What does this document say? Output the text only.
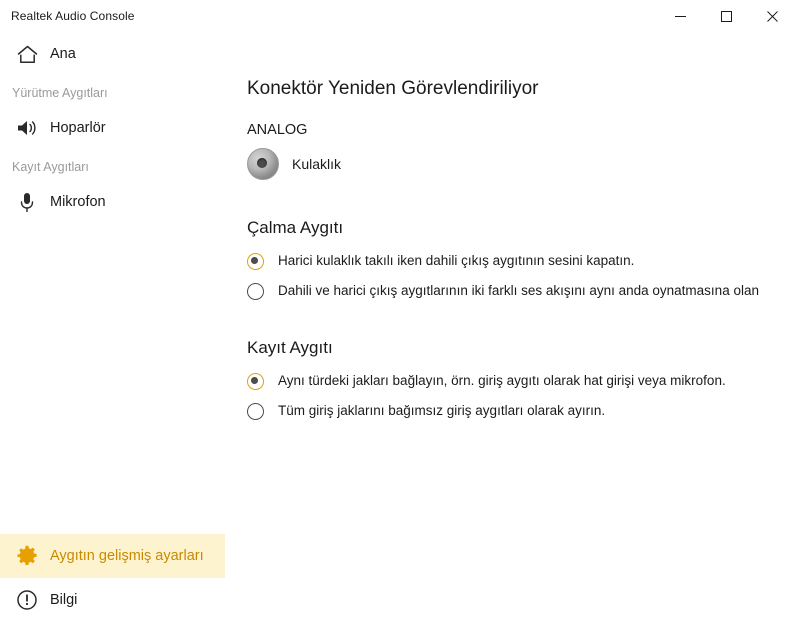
Realtek Audio Console
Ana
Yürütme Aygıtları
Hoparlör
Kayıt Aygıtları
Mikrofon
Aygıtın gelişmiş ayarları
Bilgi
Konektör Yeniden Görevlendiriliyor
ANALOG
Kulaklık
Çalma Aygıtı
Harici kulaklık takılı iken dahili çıkış aygıtının sesini kapatın.
Dahili ve harici çıkış aygıtlarının iki farklı ses akışını aynı anda oynatmasına olan
Kayıt Aygıtı
Aynı türdeki jakları bağlayın, örn. giriş aygıtı olarak hat girişi veya mikrofon.
Tüm giriş jaklarını bağımsız giriş aygıtları olarak ayırın.
